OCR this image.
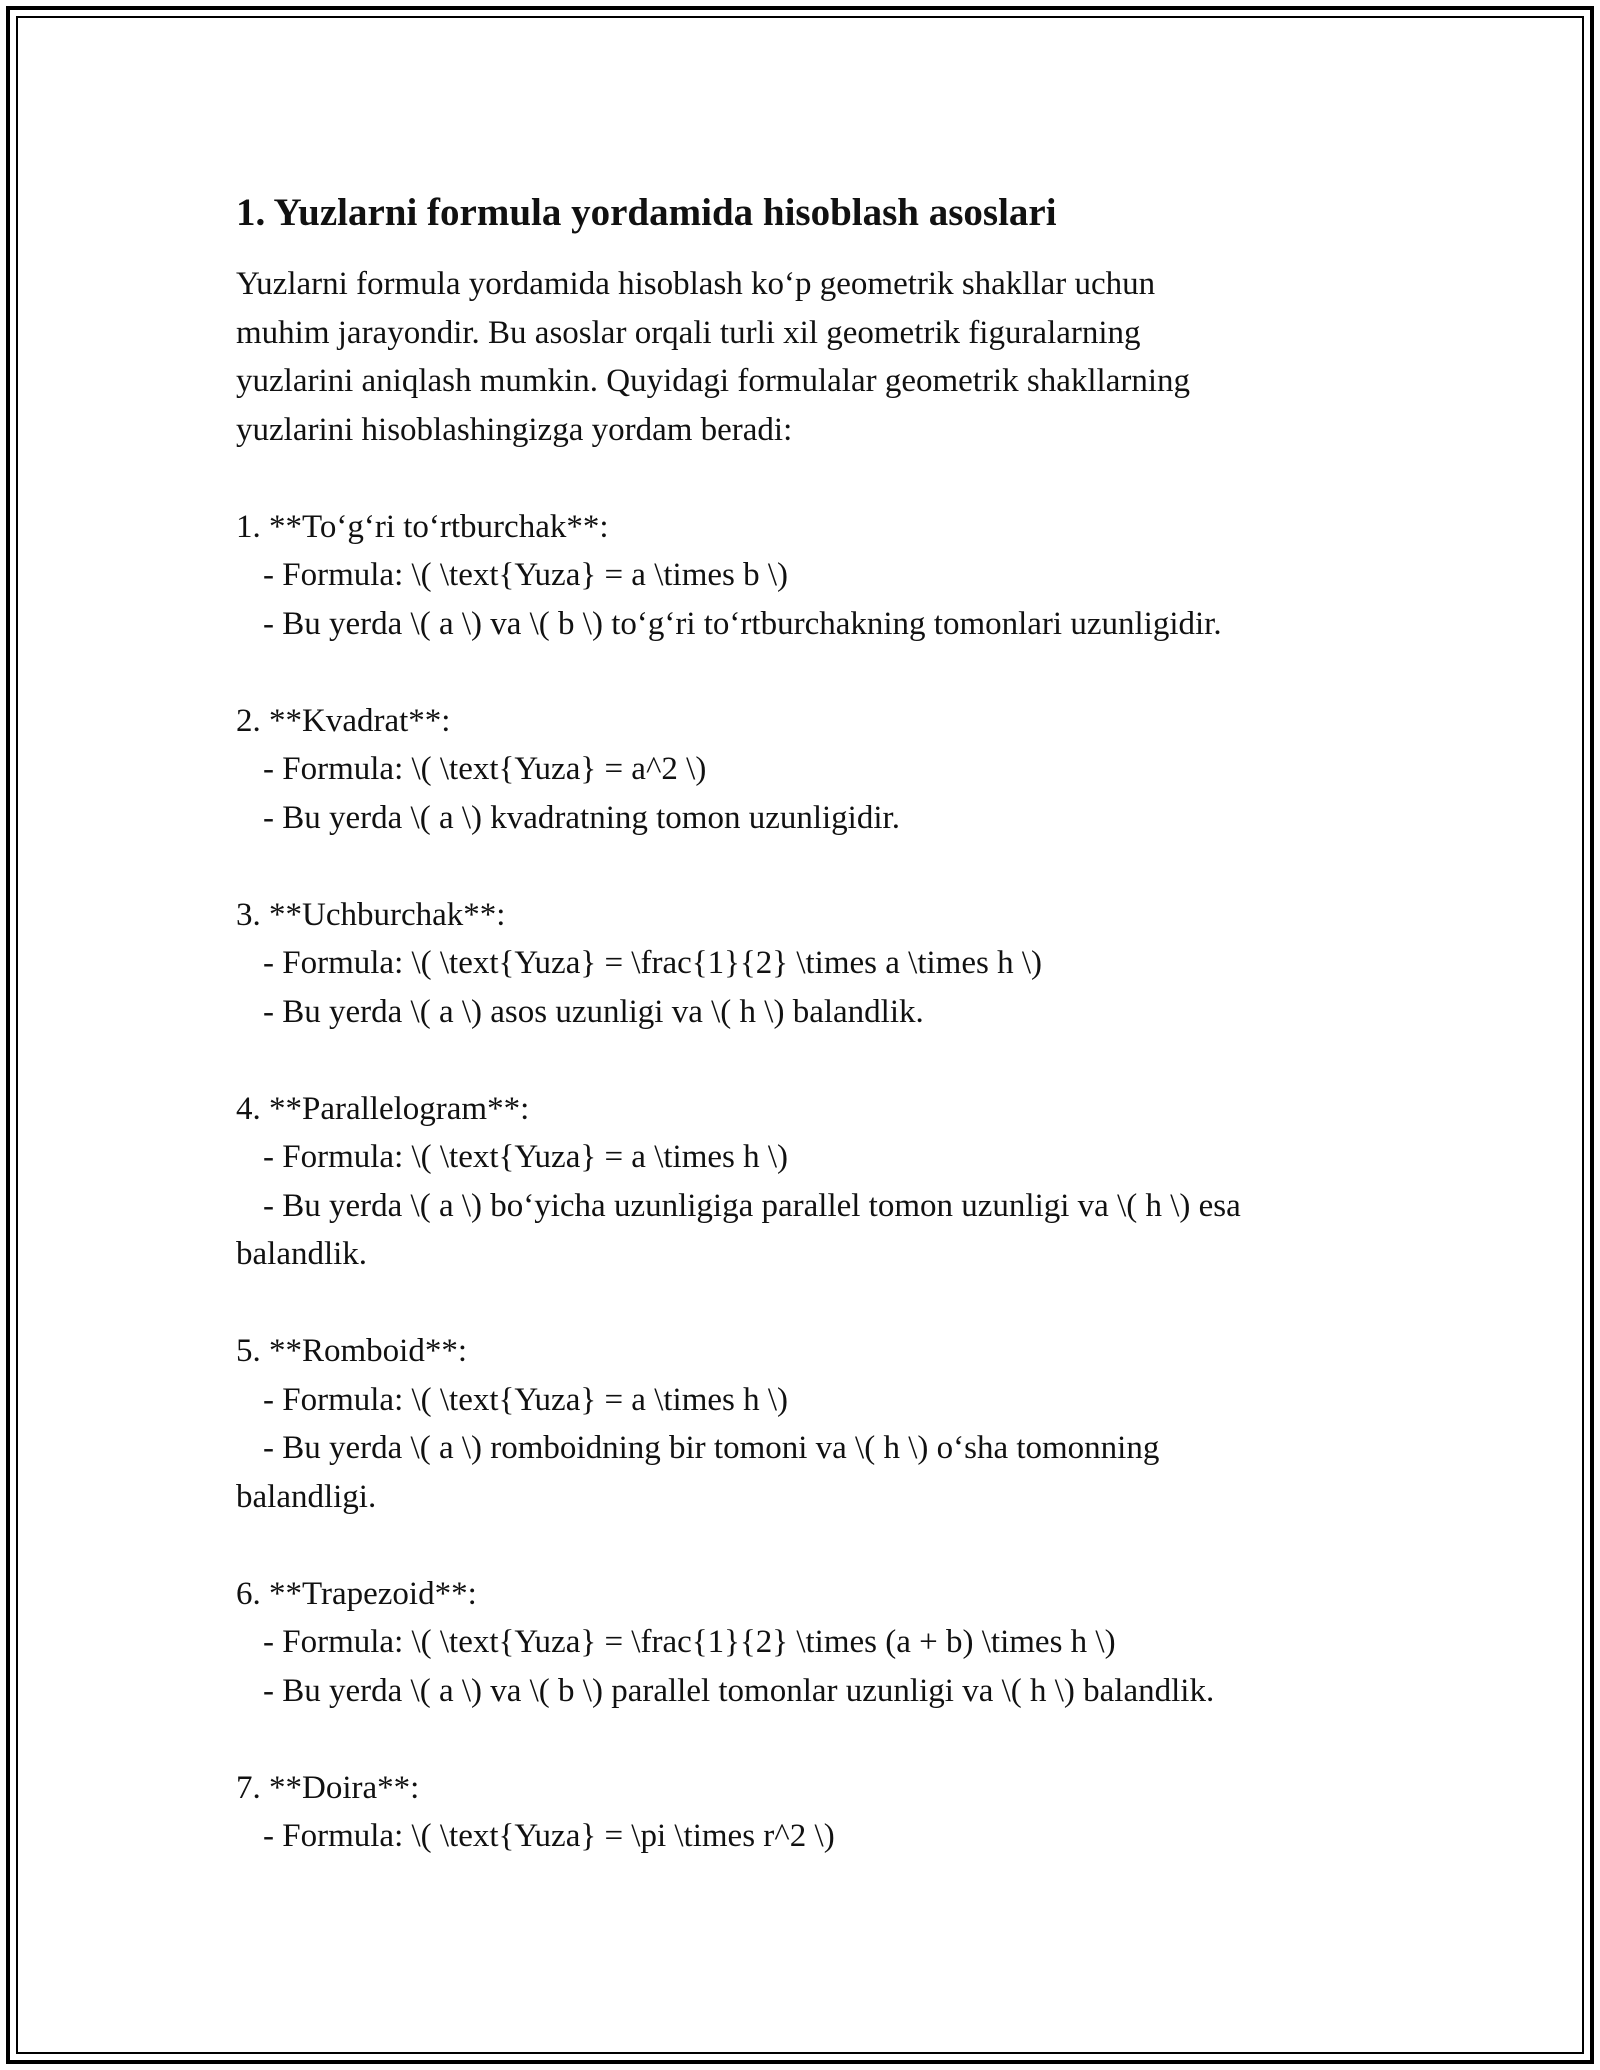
1. Yuzlarni formula yordamida hisoblash asoslari

Yuzlarni formula yordamida hisoblash ko‘p geometrik shakllar uchun
muhim jarayondir. Bu asoslar orqali turli xil geometrik figuralarning
yuzlarini aniqlash mumkin. Quyidagi formulalar geometrik shakllarning
yuzlarini hisoblashingizga yordam beradi:

1. **To‘g‘ri to‘rtburchak**:
- Formula: \( \text{Yuza} = a \times b \)
- Bu yerda \( a \) va \( b \) to‘g‘ri to‘rtburchakning tomonlari uzunligidir.
2. **Kvadrat**:
- Formula: \( \text{Yuza} = a^2 \)
- Bu yerda \( a \) kvadratning tomon uzunligidir.
3. **Uchburchak**:
- Formula: \( \text{Yuza} = \frac{1}{2} \times a \times h \)
- Bu yerda \( a \) asos uzunligi va \( h \) balandlik.
4. **Parallelogram**:
- Formula: \( \text{Yuza} = a \times h \)
- Bu yerda \( a \) bo‘yicha uzunligiga parallel tomon uzunligi va \( h \) esa
balandlik.
5. **Romboid**:
- Formula: \( \text{Yuza} = a \times h \)
- Bu yerda \( a \) romboidning bir tomoni va \( h \) o‘sha tomonning
balandligi.
6. **Trapezoid**:
- Formula: \( \text{Yuza} = \frac{1}{2} \times (a + b) \times h \)
- Bu yerda \( a \) va \( b \) parallel tomonlar uzunligi va \( h \) balandlik.
7. **Doira**:
- Formula: \( \text{Yuza} = \pi \times r^2 \)
